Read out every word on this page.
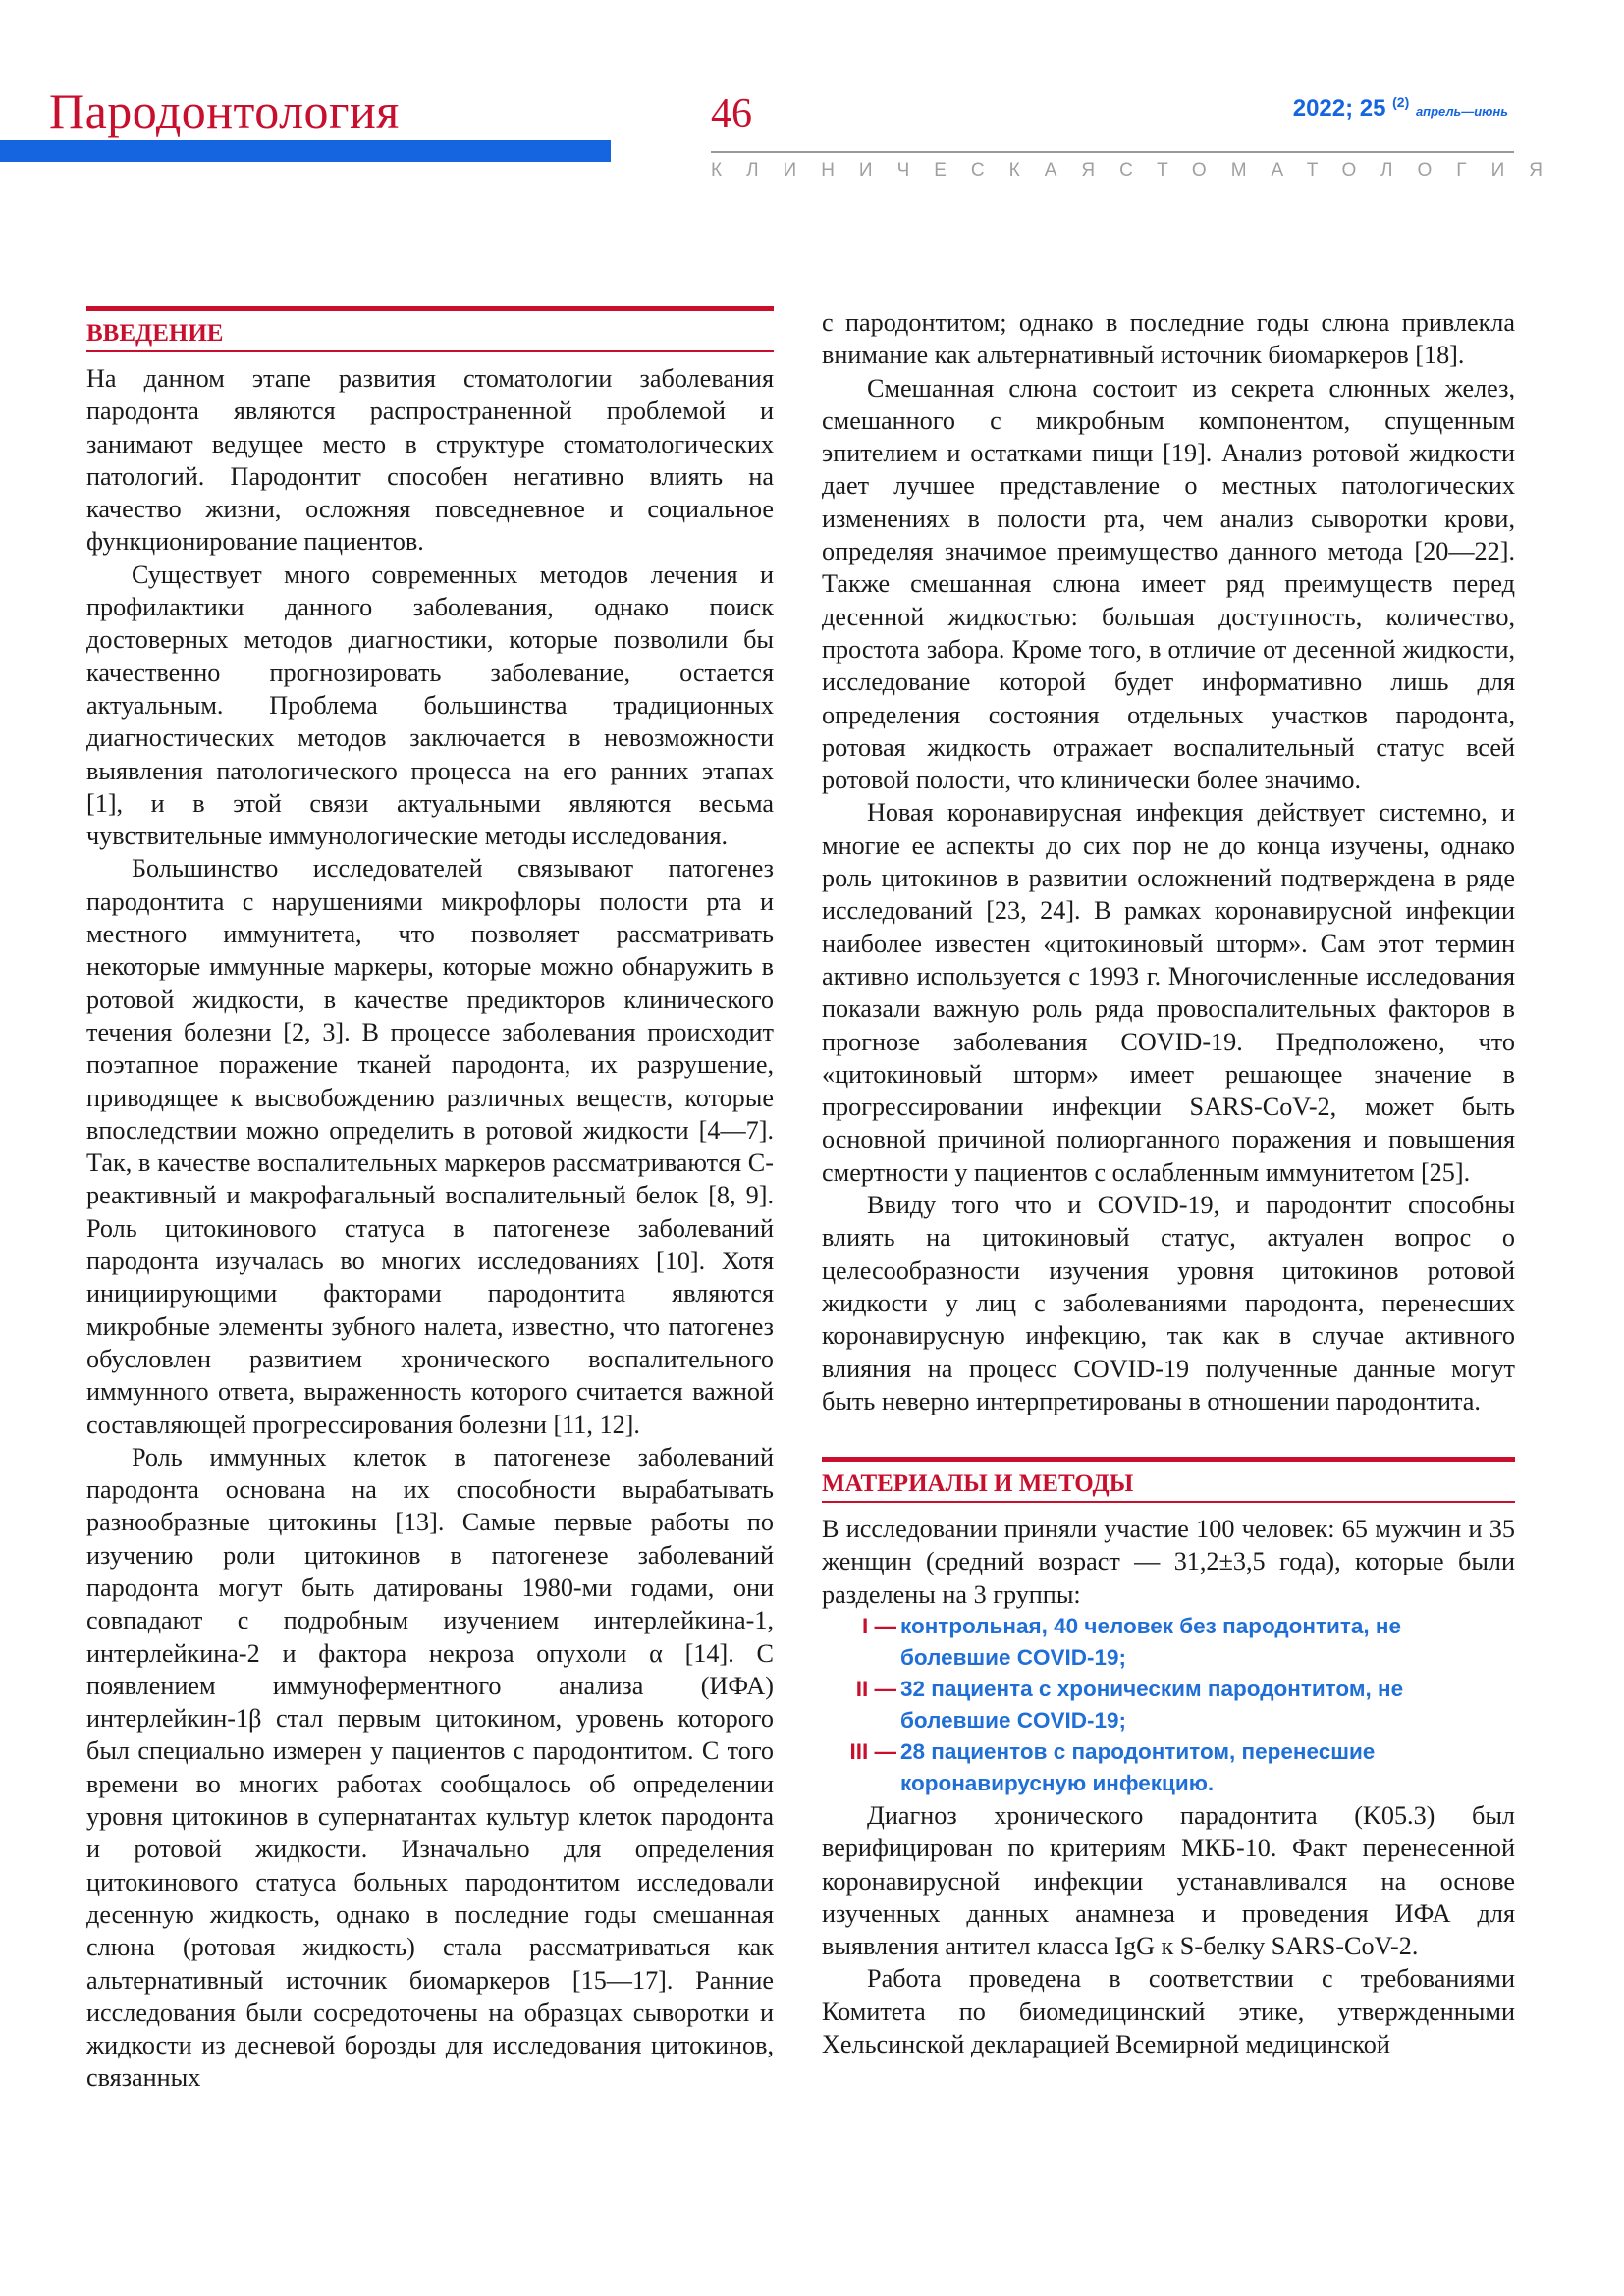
Пародонтология	46	2022; 25 $^{(2)}$ апрель—июнь
КЛИНИЧЕСКАЯ СТОМАТОЛОГИЯ
ВВЕДЕНИЕ

На данном этапе развития стоматологии заболевания пародонта являются распространенной проблемой и занимают ведущее место в структуре стоматологических патологий. Пародонтит способен негативно влиять на качество жизни, осложняя повседневное и социальное функционирование пациентов.

Существует много современных методов лечения и профилактики данного заболевания, однако поиск достоверных методов диагностики, которые позволили бы качественно прогнозировать заболевание, остается актуальным. Проблема большинства традиционных диагностических методов заключается в невозможности выявления патологического процесса на его ранних этапах [1], и в этой связи актуальными являются весьма чувствительные иммунологические методы исследования.

Большинство исследователей связывают патогенез пародонтита с нарушениями микрофлоры полости рта и местного иммунитета, что позволяет рассматривать некоторые иммунные маркеры, которые можно обнаружить в ротовой жидкости, в качестве предикторов клинического течения болезни [2, 3]. В процессе заболевания происходит поэтапное поражение тканей пародонта, их разрушение, приводящее к высвобождению различных веществ, которые впоследствии можно определить в ротовой жидкости [4—7]. Так, в качестве воспалительных маркеров рассматриваются С-реактивный и макрофагальный воспалительный белок [8, 9]. Роль цитокинового статуса в патогенезе заболеваний пародонта изучалась во многих исследованиях [10]. Хотя инициирующими факторами пародонтита являются микробные элементы зубного налета, известно, что патогенез обусловлен развитием хронического воспалительного иммунного ответа, выраженность которого считается важной составляющей прогрессирования болезни [11, 12].

Роль иммунных клеток в патогенезе заболеваний пародонта основана на их способности вырабатывать разнообразные цитокины [13]. Самые первые работы по изучению роли цитокинов в патогенезе заболеваний пародонта могут быть датированы 1980-ми годами, они совпадают с подробным изучением интерлейкина-1, интерлейкина-2 и фактора некроза опухоли α [14]. С появлением иммуноферментного анализа (ИФА) интерлейкин-1β стал первым цитокином, уровень которого был специально измерен у пациентов с пародонтитом. С того времени во многих работах сообщалось об определении уровня цитокинов в супернатантах культур клеток пародонта и ротовой жидкости. Изначально для определения цитокинового статуса больных пародонтитом исследовали десенную жидкость, однако в последние годы смешанная слюна (ротовая жидкость) стала рассматриваться как альтернативный источник биомаркеров [15—17]. Ранние исследования были сосредоточены на образцах сыворотки и жидкости из десневой борозды для исследования цитокинов, связанных

с пародонтитом; однако в последние годы слюна привлекла внимание как альтернативный источник биомаркеров [18].

Смешанная слюна состоит из секрета слюнных желез, смешанного с микробным компонентом, спущенным эпителием и остатками пищи [19]. Анализ ротовой жидкости дает лучшее представление о местных патологических изменениях в полости рта, чем анализ сыворотки крови, определяя значимое преимущество данного метода [20—22]. Также смешанная слюна имеет ряд преимуществ перед десенной жидкостью: большая доступность, количество, простота забора. Кроме того, в отличие от десенной жидкости, исследование которой будет информативно лишь для определения состояния отдельных участков пародонта, ротовая жидкость отражает воспалительный статус всей ротовой полости, что клинически более значимо.

Новая коронавирусная инфекция действует системно, и многие ее аспекты до сих пор не до конца изучены, однако роль цитокинов в развитии осложнений подтверждена в ряде исследований [23, 24]. В рамках коронавирусной инфекции наиболее известен «цитокиновый шторм». Сам этот термин активно используется с 1993 г. Многочисленные исследования показали важную роль ряда провоспалительных факторов в прогнозе заболевания COVID-19. Предположено, что «цитокиновый шторм» имеет решающее значение в прогрессировании инфекции SARS-CoV-2, может быть основной причиной полиорганного поражения и повышения смертности у пациентов с ослабленным иммунитетом [25].

Ввиду того что и COVID-19, и пародонтит способны влиять на цитокиновый статус, актуален вопрос о целесообразности изучения уровня цитокинов ротовой жидкости у лиц с заболеваниями пародонта, перенесших коронавирусную инфекцию, так как в случае активного влияния на процесс COVID-19 полученные данные могут быть неверно интерпретированы в отношении пародонтита.

МАТЕРИАЛЫ И МЕТОДЫ

В исследовании приняли участие 100 человек: 65 мужчин и 35 женщин (средний возраст — 31,2±3,5 года), которые были разделены на 3 группы:

I — контрольная, 40 человек без пародонтита, не болевшие COVID-19;
II — 32 пациента с хроническим пародонтитом, не болевшие COVID-19;
III — 28 пациентов с пародонтитом, перенесшие коронавирусную инфекцию.

Диагноз хронического парадонтита (K05.3) был верифицирован по критериям МКБ-10. Факт перенесенной коронавирусной инфекции устанавливался на основе изученных данных анамнеза и проведения ИФА для выявления антител класса IgG к S-белку SARS-CoV-2.

Работа проведена в соответствии с требованиями Комитета по биомедицинский этике, утвержденными Хельсинской декларацией Всемирной медицинской
